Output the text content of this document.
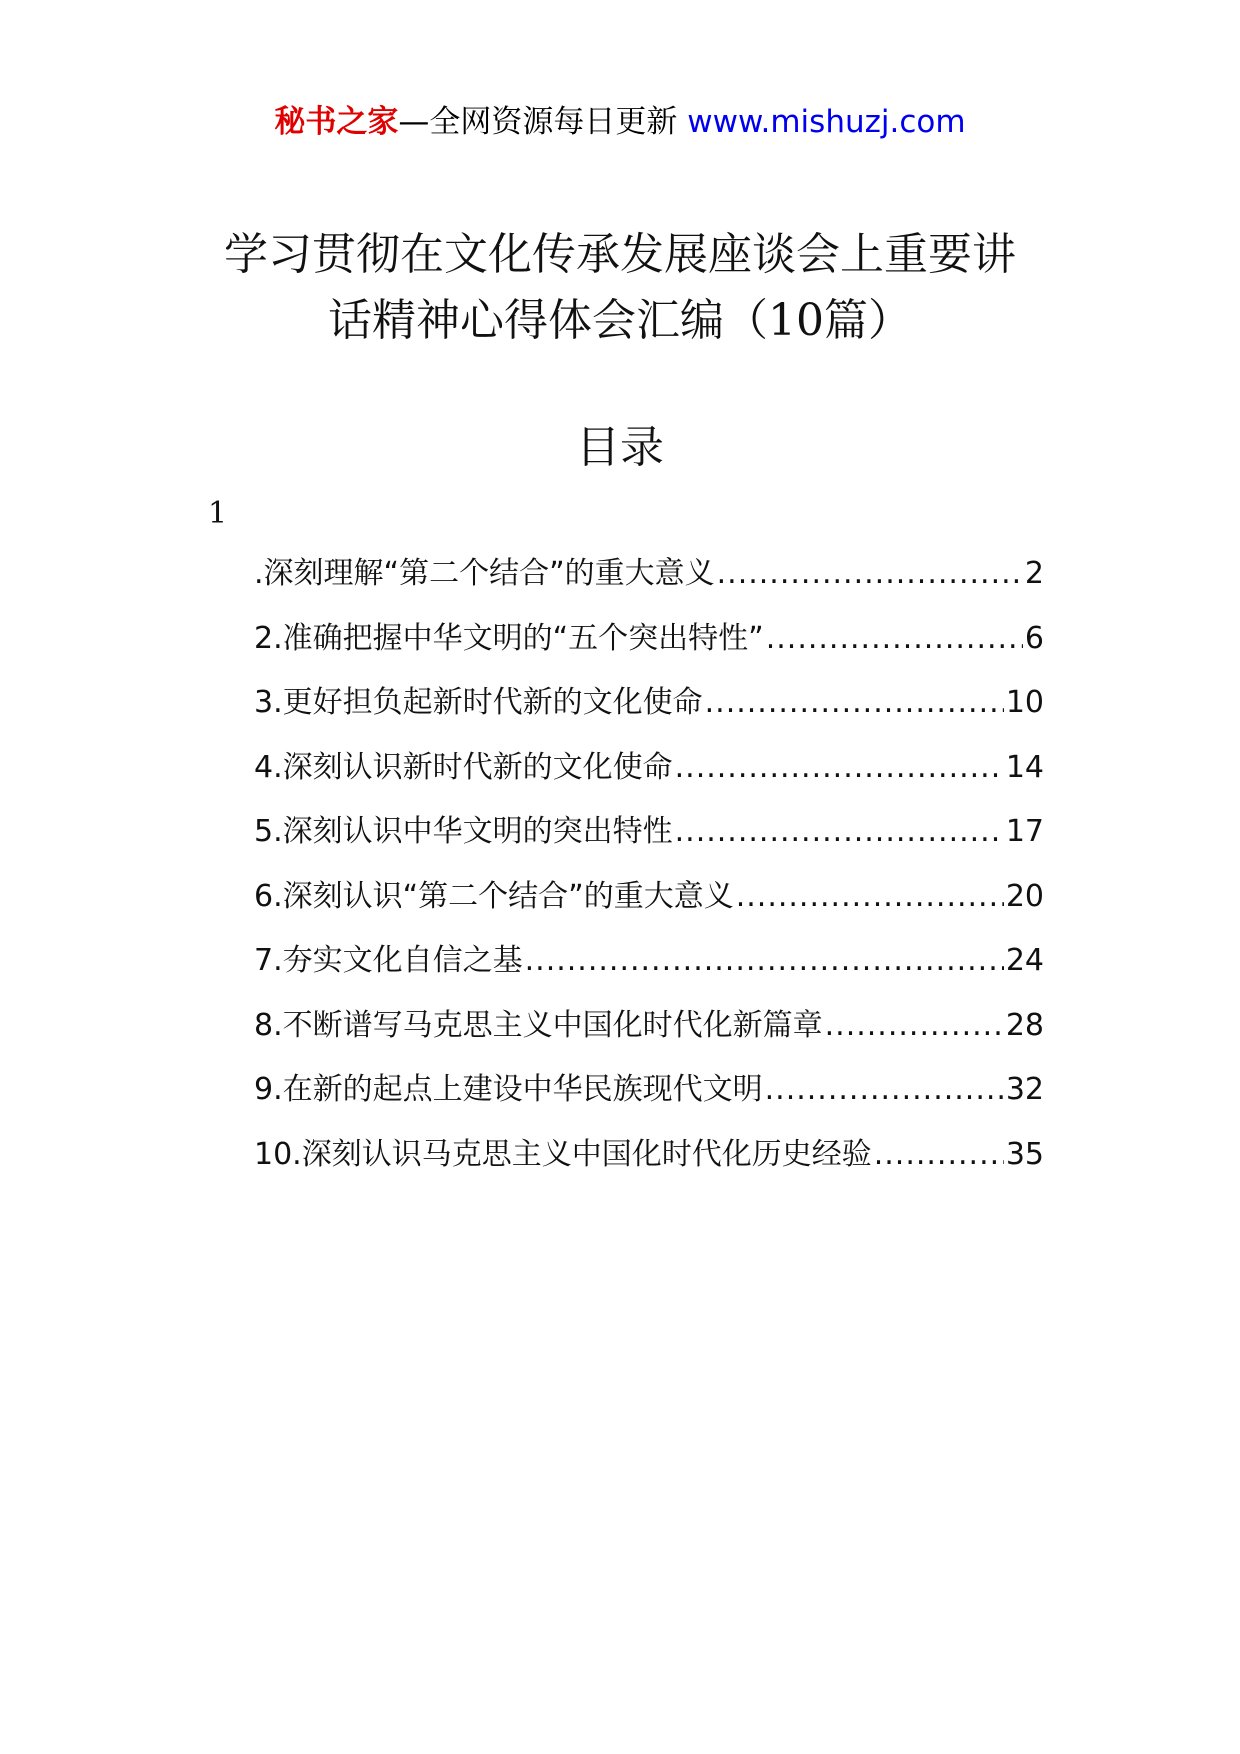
秘书之家—全网资源每日更新 www.mishuzj.com
学习贯彻在文化传承发展座谈会上重要讲
话精神心得体会汇编（10篇）
目录
1
.深刻理解“第二个结合”的重大意义 .....	2
2.准确把握中华文明的“五个突出特性” .....	6
3.更好担负起新时代新的文化使命 .....	10
4.深刻认识新时代新的文化使命 .....	14
5.深刻认识中华文明的突出特性 .....	17
6.深刻认识“第二个结合”的重大意义 .....	20
7.夯实文化自信之基 .....	24
8.不断谱写马克思主义中国化时代化新篇章 .....	28
9.在新的起点上建设中华民族现代文明 .....	32
10.深刻认识马克思主义中国化时代化历史经验 .....	35
